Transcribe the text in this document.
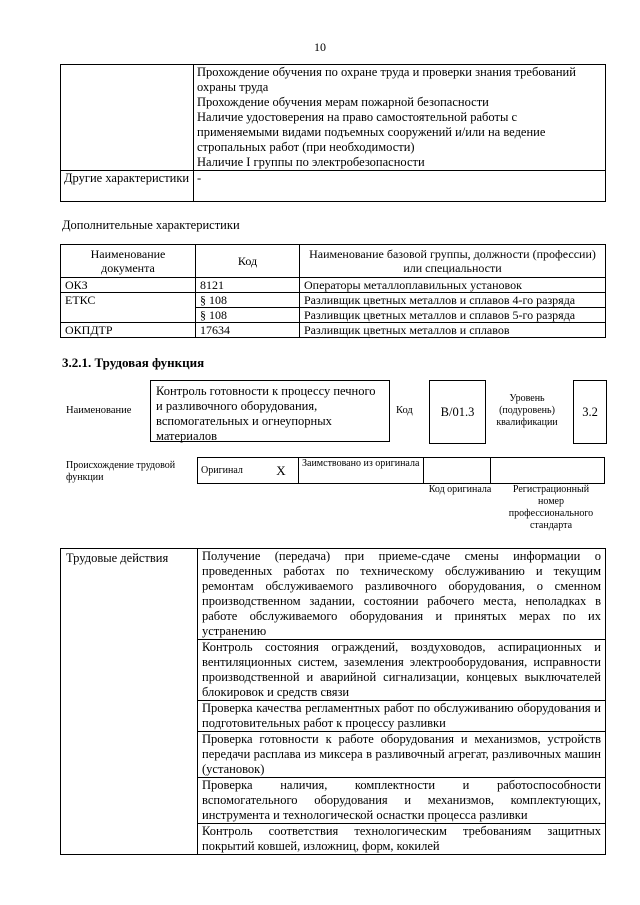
10

	Прохождение обучения по охране труда и проверки знания требований охраны труда

Прохождение обучения мерам пожарной безопасности

Наличие удостоверения на право самостоятельной работы с применяемыми видами подъемных сооружений и/или на ведение стропальных работ (при необходимости)

Наличие I группы по электробезопасности

Другие характеристики	-
Дополнительные характеристики
Наименование документа	Код	Наименование базовой группы, должности (профессии) или специальности
ОКЗ	8121	Операторы металлоплавильных установок
ЕТКС	§ 108	Разливщик цветных металлов и сплавов 4-го разряда
	§ 108	Разливщик цветных металлов и сплавов 5-го разряда
ОКПДТР	17634	Разливщик цветных металлов и сплавов
3.2.1. Трудовая функция
Наименование
Контроль готовности к процессу печного и разливочного оборудования, вспомогательных и огнеупорных материалов
Код B/01.3
Уровень (подуровень) квалификации
3.2
Происхождение трудовой функции
Оригинал	X	Заимствовано из оригинала		
Код оригинала	Регистрационный номер профессионального стандарта
Трудовые действия	Получение (передача) при приеме-сдаче смены информации о проведенных работах по техническому обслуживанию и текущим ремонтам обслуживаемого разливочного оборудования, о сменном производственном задании, состоянии рабочего места, неполадках в работе обслуживаемого оборудования и принятых мерах по их устранению
Контроль состояния ограждений, воздуховодов, аспирационных и вентиляционных систем, заземления электрооборудования, исправности производственной и аварийной сигнализации, концевых выключателей блокировок и средств связи
Проверка качества регламентных работ по обслуживанию оборудования и подготовительных работ к процессу разливки
Проверка готовности к работе оборудования и механизмов, устройств передачи расплава из миксера в разливочный агрегат, разливочных машин (установок)
Проверка наличия, комплектности и работоспособности вспомогательного оборудования и механизмов, комплектующих, инструмента и технологической оснастки процесса разливки
Контроль соответствия технологическим требованиям защитных покрытий ковшей, изложниц, форм, кокилей
